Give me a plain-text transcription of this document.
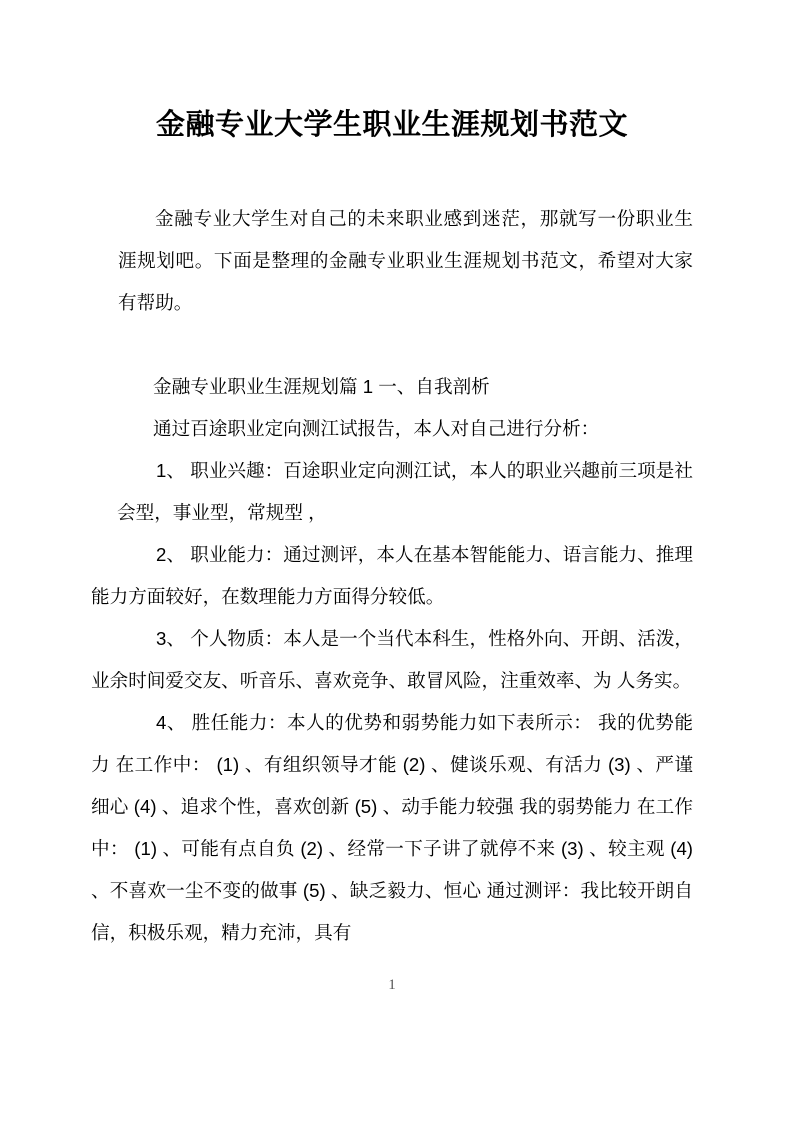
金融专业大学生职业生涯规划书范文

金融专业大学生对自己的未来职业感到迷茫，那就写一份职业生涯规划吧。下面是整理的金融专业职业生涯规划书范文，希望对大家有帮助。

金融专业职业生涯规划篇 1 一、自我剖析

通过百途职业定向测江试报告，本人对自己进行分析：

1、 职业兴趣：百途职业定向测江试，本人的职业兴趣前三项是社 会型，事业型，常规型 ，

2、 职业能力：通过测评，本人在基本智能能力、语言能力、推理 能力方面较好，在数理能力方面得分较低。

3、 个人物质：本人是一个当代本科生，性格外向、开朗、活泼，业余时间爱交友、听音乐、喜欢竞争、敢冒风险，注重效率、为 人务实。

4、 胜任能力：本人的优势和弱势能力如下表所示： 我的优势能力 在工作中： (1) 、有组织领导才能 (2) 、健谈乐观、有活力 (3) 、严谨细心 (4) 、追求个性，喜欢创新 (5) 、动手能力较强 我的弱势能力 在工作中： (1) 、可能有点自负 (2) 、经常一下子讲了就停不来 (3) 、较主观 (4) 、不喜欢一尘不变的做事 (5) 、缺乏毅力、恒心 通过测评：我比较开朗自信，积极乐观，精力充沛，具有

1
